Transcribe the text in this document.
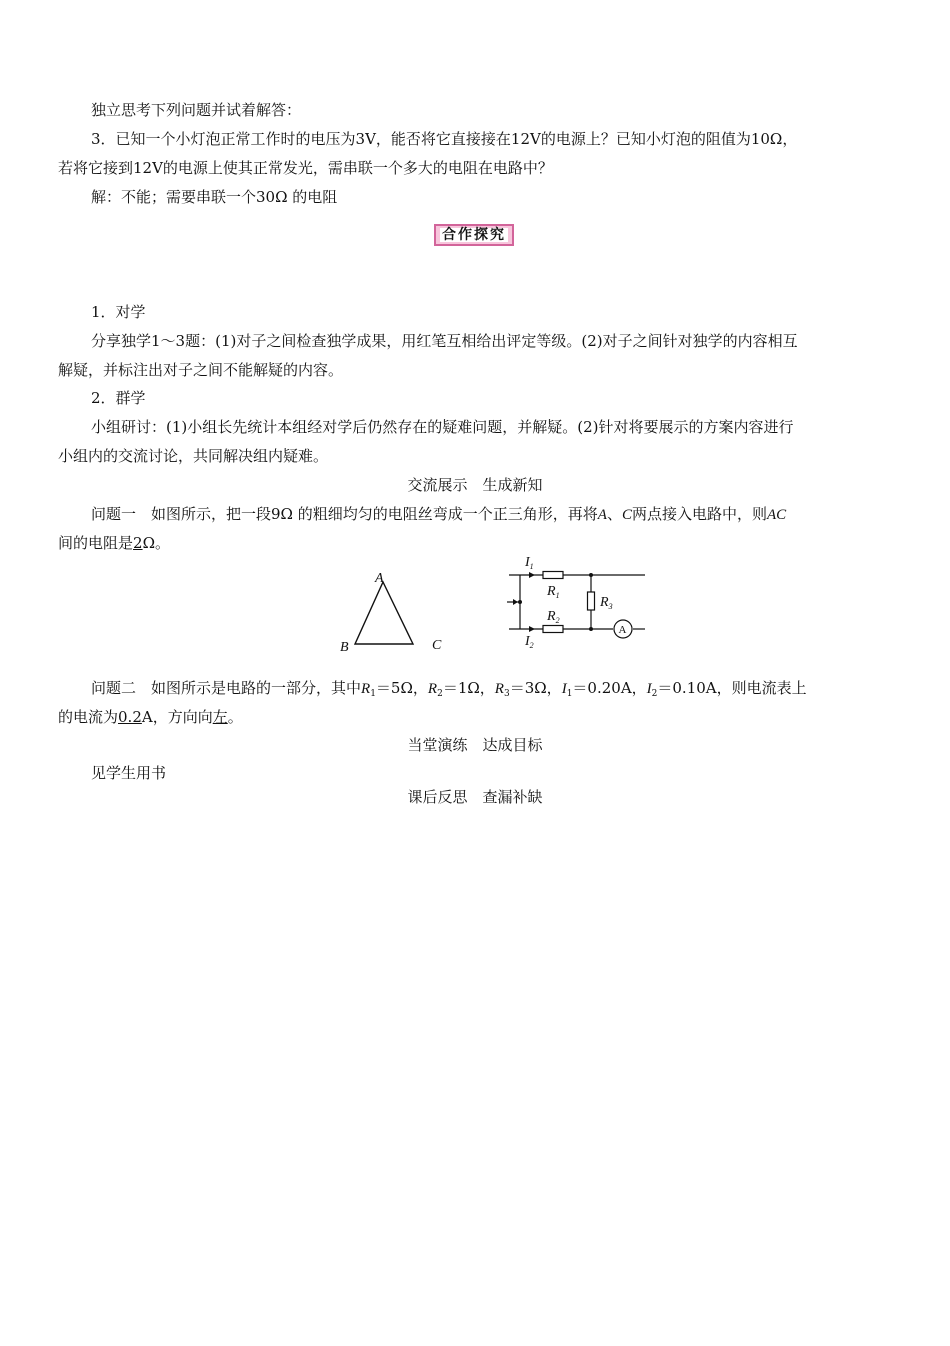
独立思考下列问题并试着解答：
3．已知一个小灯泡正常工作时的电压为3V，能否将它直接接在12V的电源上？已知小灯泡的阻值为10Ω，
若将它接到12V的电源上使其正常发光，需串联一个多大的电阻在电路中？
解：不能；需要串联一个30Ω 的电阻
合作探究
1．对学
分享独学1～3题：(1)对子之间检查独学成果，用红笔互相给出评定等级。(2)对子之间针对独学的内容相互
解疑，并标注出对子之间不能解疑的内容。
2．群学
小组研讨：(1)小组长先统计本组经对学后仍然存在的疑难问题，并解疑。(2)针对将要展示的方案内容进行
小组内的交流讨论，共同解决组内疑难。
交流展示　生成新知
问题一　如图所示，把一段9Ω 的粗细均匀的电阻丝弯成一个正三角形，再将A、C两点接入电路中，则AC
间的电阻是2Ω。
A
B	C
$I_1$
$R_1$	$R_3$
$R_2$
$I_2$
A
问题二　如图所示是电路的一部分，其中$R_1=5\Omega$，$R_2=1\Omega$，$R_3=3\Omega$，$I_1=0.20A$，$I_2=0.10A$，则电流表上
的电流为0.2A，方向向左。
当堂演练　达成目标
见学生用书
课后反思　查漏补缺
